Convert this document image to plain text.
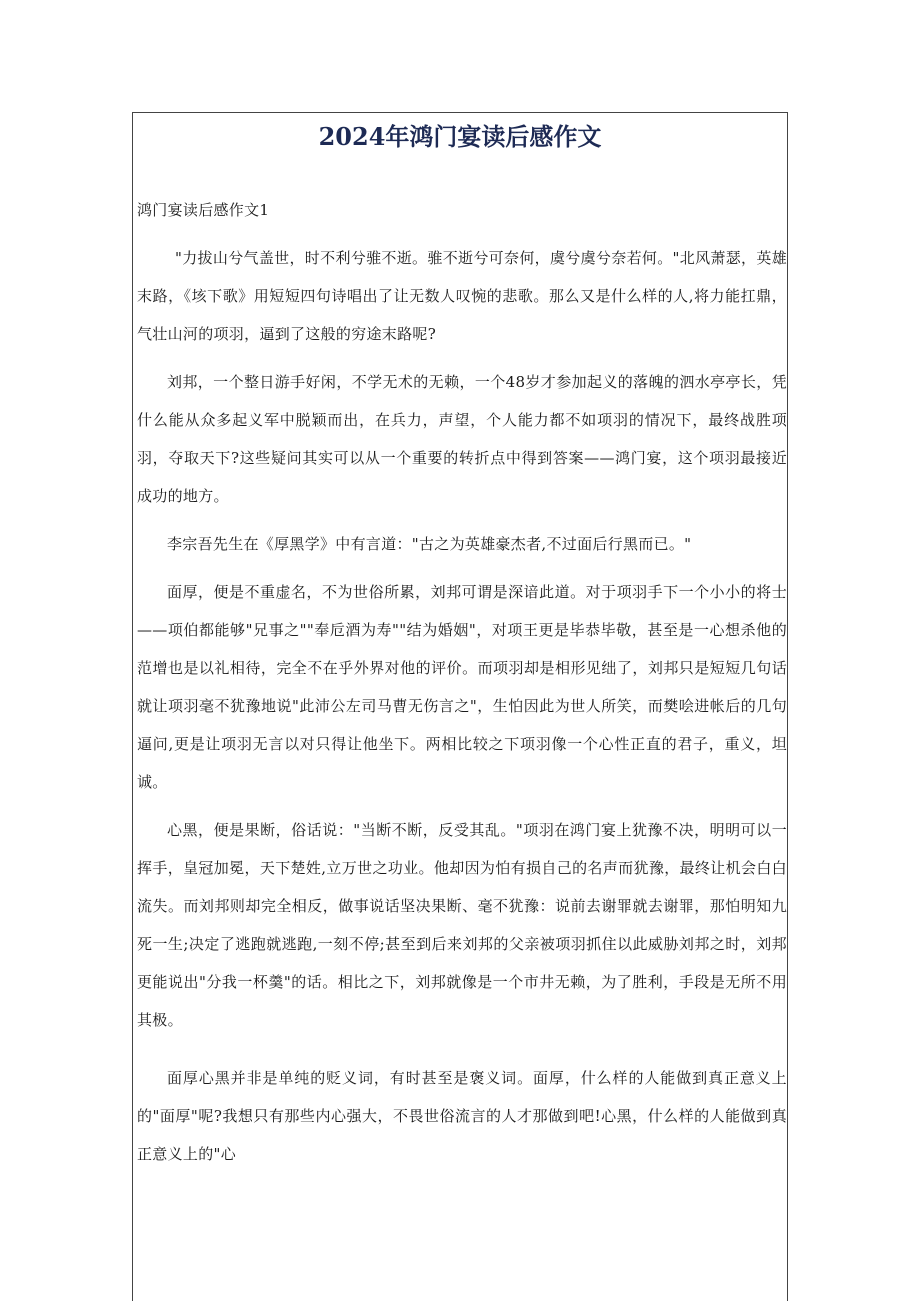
2024年鸿门宴读后感作文

鸿门宴读后感作文1

"力拔山兮气盖世，时不利兮骓不逝。骓不逝兮可奈何，虞兮虞兮奈若何。"北风萧瑟，英雄末路，《垓下歌》用短短四句诗唱出了让无数人叹惋的悲歌。那么又是什么样的人,将力能扛鼎，气壮山河的项羽，逼到了这般的穷途末路呢?

刘邦，一个整日游手好闲，不学无术的无赖，一个48岁才参加起义的落魄的泗水亭亭长，凭什么能从众多起义军中脱颖而出，在兵力，声望，个人能力都不如项羽的情况下，最终战胜项羽，夺取天下?这些疑问其实可以从一个重要的转折点中得到答案——鸿门宴，这个项羽最接近成功的地方。

李宗吾先生在《厚黑学》中有言道："古之为英雄豪杰者,不过面后行黑而已。"

面厚，便是不重虚名，不为世俗所累，刘邦可谓是深谙此道。对于项羽手下一个小小的将士——项伯都能够"兄事之""奉卮酒为寿""结为婚姻"，对项王更是毕恭毕敬，甚至是一心想杀他的范增也是以礼相待，完全不在乎外界对他的评价。而项羽却是相形见绌了，刘邦只是短短几句话就让项羽毫不犹豫地说"此沛公左司马曹无伤言之"，生怕因此为世人所笑，而樊哙进帐后的几句逼问,更是让项羽无言以对只得让他坐下。两相比较之下项羽像一个心性正直的君子，重义，坦诚。

心黑，便是果断，俗话说："当断不断，反受其乱。"项羽在鸿门宴上犹豫不决，明明可以一挥手，皇冠加冕，天下楚姓,立万世之功业。他却因为怕有损自己的名声而犹豫，最终让机会白白流失。而刘邦则却完全相反，做事说话坚决果断、毫不犹豫：说前去谢罪就去谢罪，那怕明知九死一生;决定了逃跑就逃跑,一刻不停;甚至到后来刘邦的父亲被项羽抓住以此威胁刘邦之时，刘邦更能说出"分我一杯羹"的话。相比之下，刘邦就像是一个市井无赖，为了胜利，手段是无所不用其极。

面厚心黑并非是单纯的贬义词，有时甚至是褒义词。面厚，什么样的人能做到真正意义上的"面厚"呢?我想只有那些内心强大，不畏世俗流言的人才那做到吧!心黑，什么样的人能做到真正意义上的"心
